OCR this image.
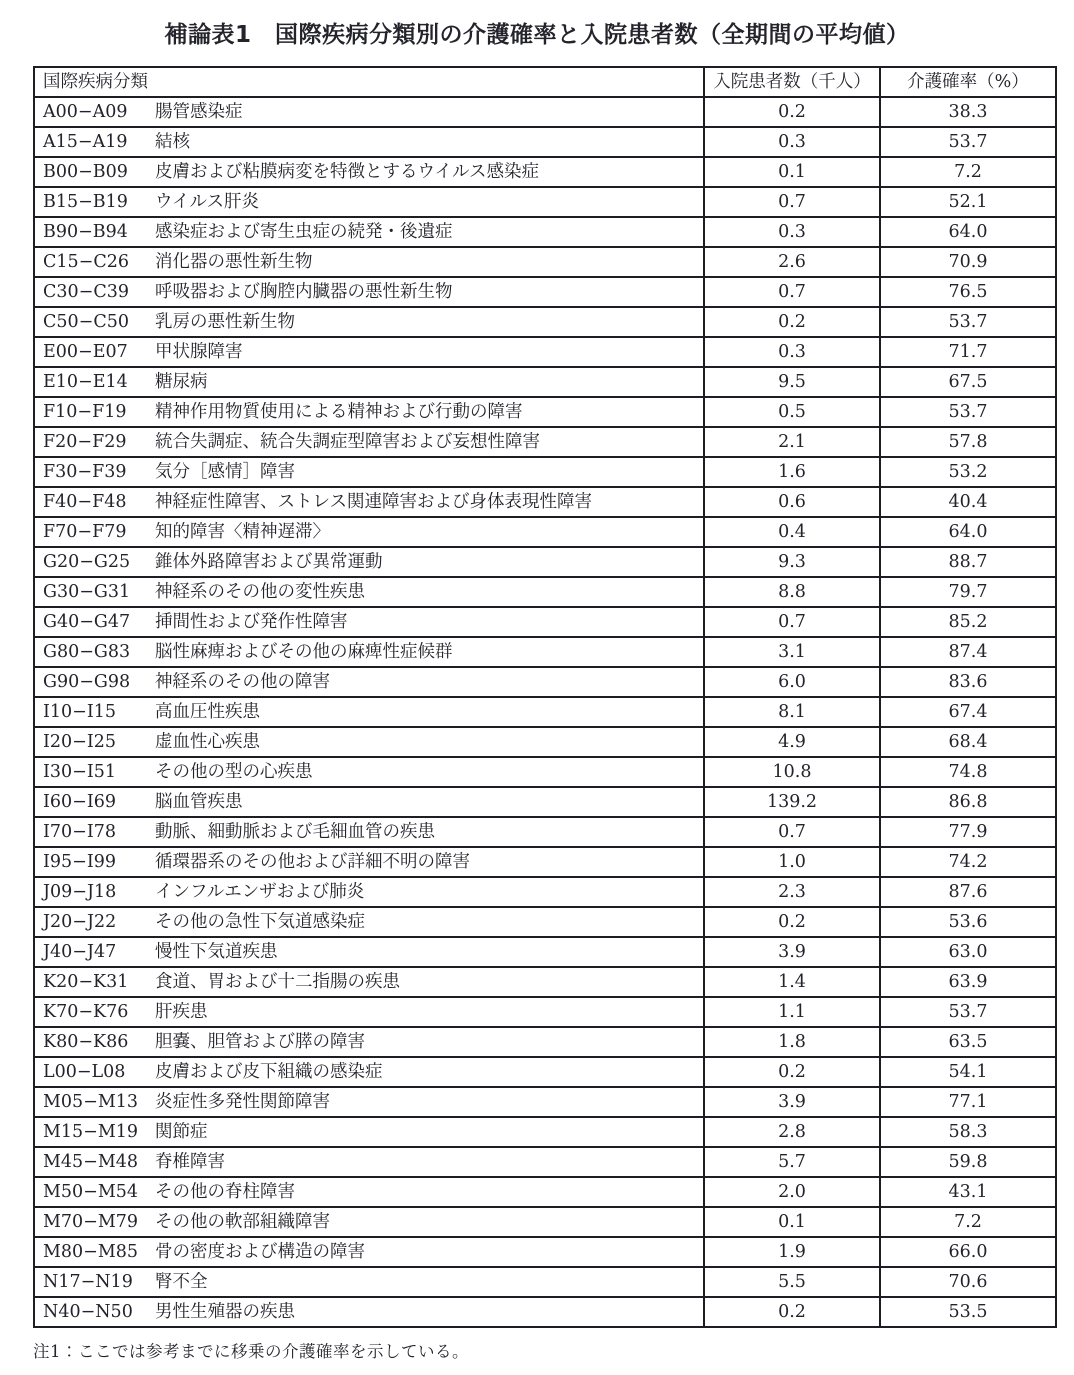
補論表1　国際疾病分類別の介護確率と入院患者数（全期間の平均値）
国際疾病分類	入院患者数（千人）	介護確率（%）
A00−A09 腸管感染症	0.2	38.3
A15−A19 結核	0.3	53.7
B00−B09 皮膚および粘膜病変を特徴とするウイルス感染症	0.1	7.2
B15−B19 ウイルス肝炎	0.7	52.1
B90−B94 感染症および寄生虫症の続発・後遺症	0.3	64.0
C15−C26 消化器の悪性新生物	2.6	70.9
C30−C39 呼吸器および胸腔内臓器の悪性新生物	0.7	76.5
C50−C50 乳房の悪性新生物	0.2	53.7
E00−E07 甲状腺障害	0.3	71.7
E10−E14 糖尿病	9.5	67.5
F10−F19 精神作用物質使用による精神および行動の障害	0.5	53.7
F20−F29 統合失調症、統合失調症型障害および妄想性障害	2.1	57.8
F30−F39 気分［感情］障害	1.6	53.2
F40−F48 神経症性障害、ストレス関連障害および身体表現性障害	0.6	40.4
F70−F79 知的障害〈精神遅滞〉	0.4	64.0
G20−G25 錐体外路障害および異常運動	9.3	88.7
G30−G31 神経系のその他の変性疾患	8.8	79.7
G40−G47 挿間性および発作性障害	0.7	85.2
G80−G83 脳性麻痺およびその他の麻痺性症候群	3.1	87.4
G90−G98 神経系のその他の障害	6.0	83.6
I10−I15 高血圧性疾患	8.1	67.4
I20−I25 虚血性心疾患	4.9	68.4
I30−I51 その他の型の心疾患	10.8	74.8
I60−I69 脳血管疾患	139.2	86.8
I70−I78 動脈、細動脈および毛細血管の疾患	0.7	77.9
I95−I99 循環器系のその他および詳細不明の障害	1.0	74.2
J09−J18 インフルエンザおよび肺炎	2.3	87.6
J20−J22 その他の急性下気道感染症	0.2	53.6
J40−J47 慢性下気道疾患	3.9	63.0
K20−K31 食道、胃および十二指腸の疾患	1.4	63.9
K70−K76 肝疾患	1.1	53.7
K80−K86 胆嚢、胆管および膵の障害	1.8	63.5
L00−L08 皮膚および皮下組織の感染症	0.2	54.1
M05−M13 炎症性多発性関節障害	3.9	77.1
M15−M19 関節症	2.8	58.3
M45−M48 脊椎障害	5.7	59.8
M50−M54 その他の脊柱障害	2.0	43.1
M70−M79 その他の軟部組織障害	0.1	7.2
M80−M85 骨の密度および構造の障害	1.9	66.0
N17−N19 腎不全	5.5	70.6
N40−N50 男性生殖器の疾患	0.2	53.5
注1：ここでは参考までに移乗の介護確率を示している。
